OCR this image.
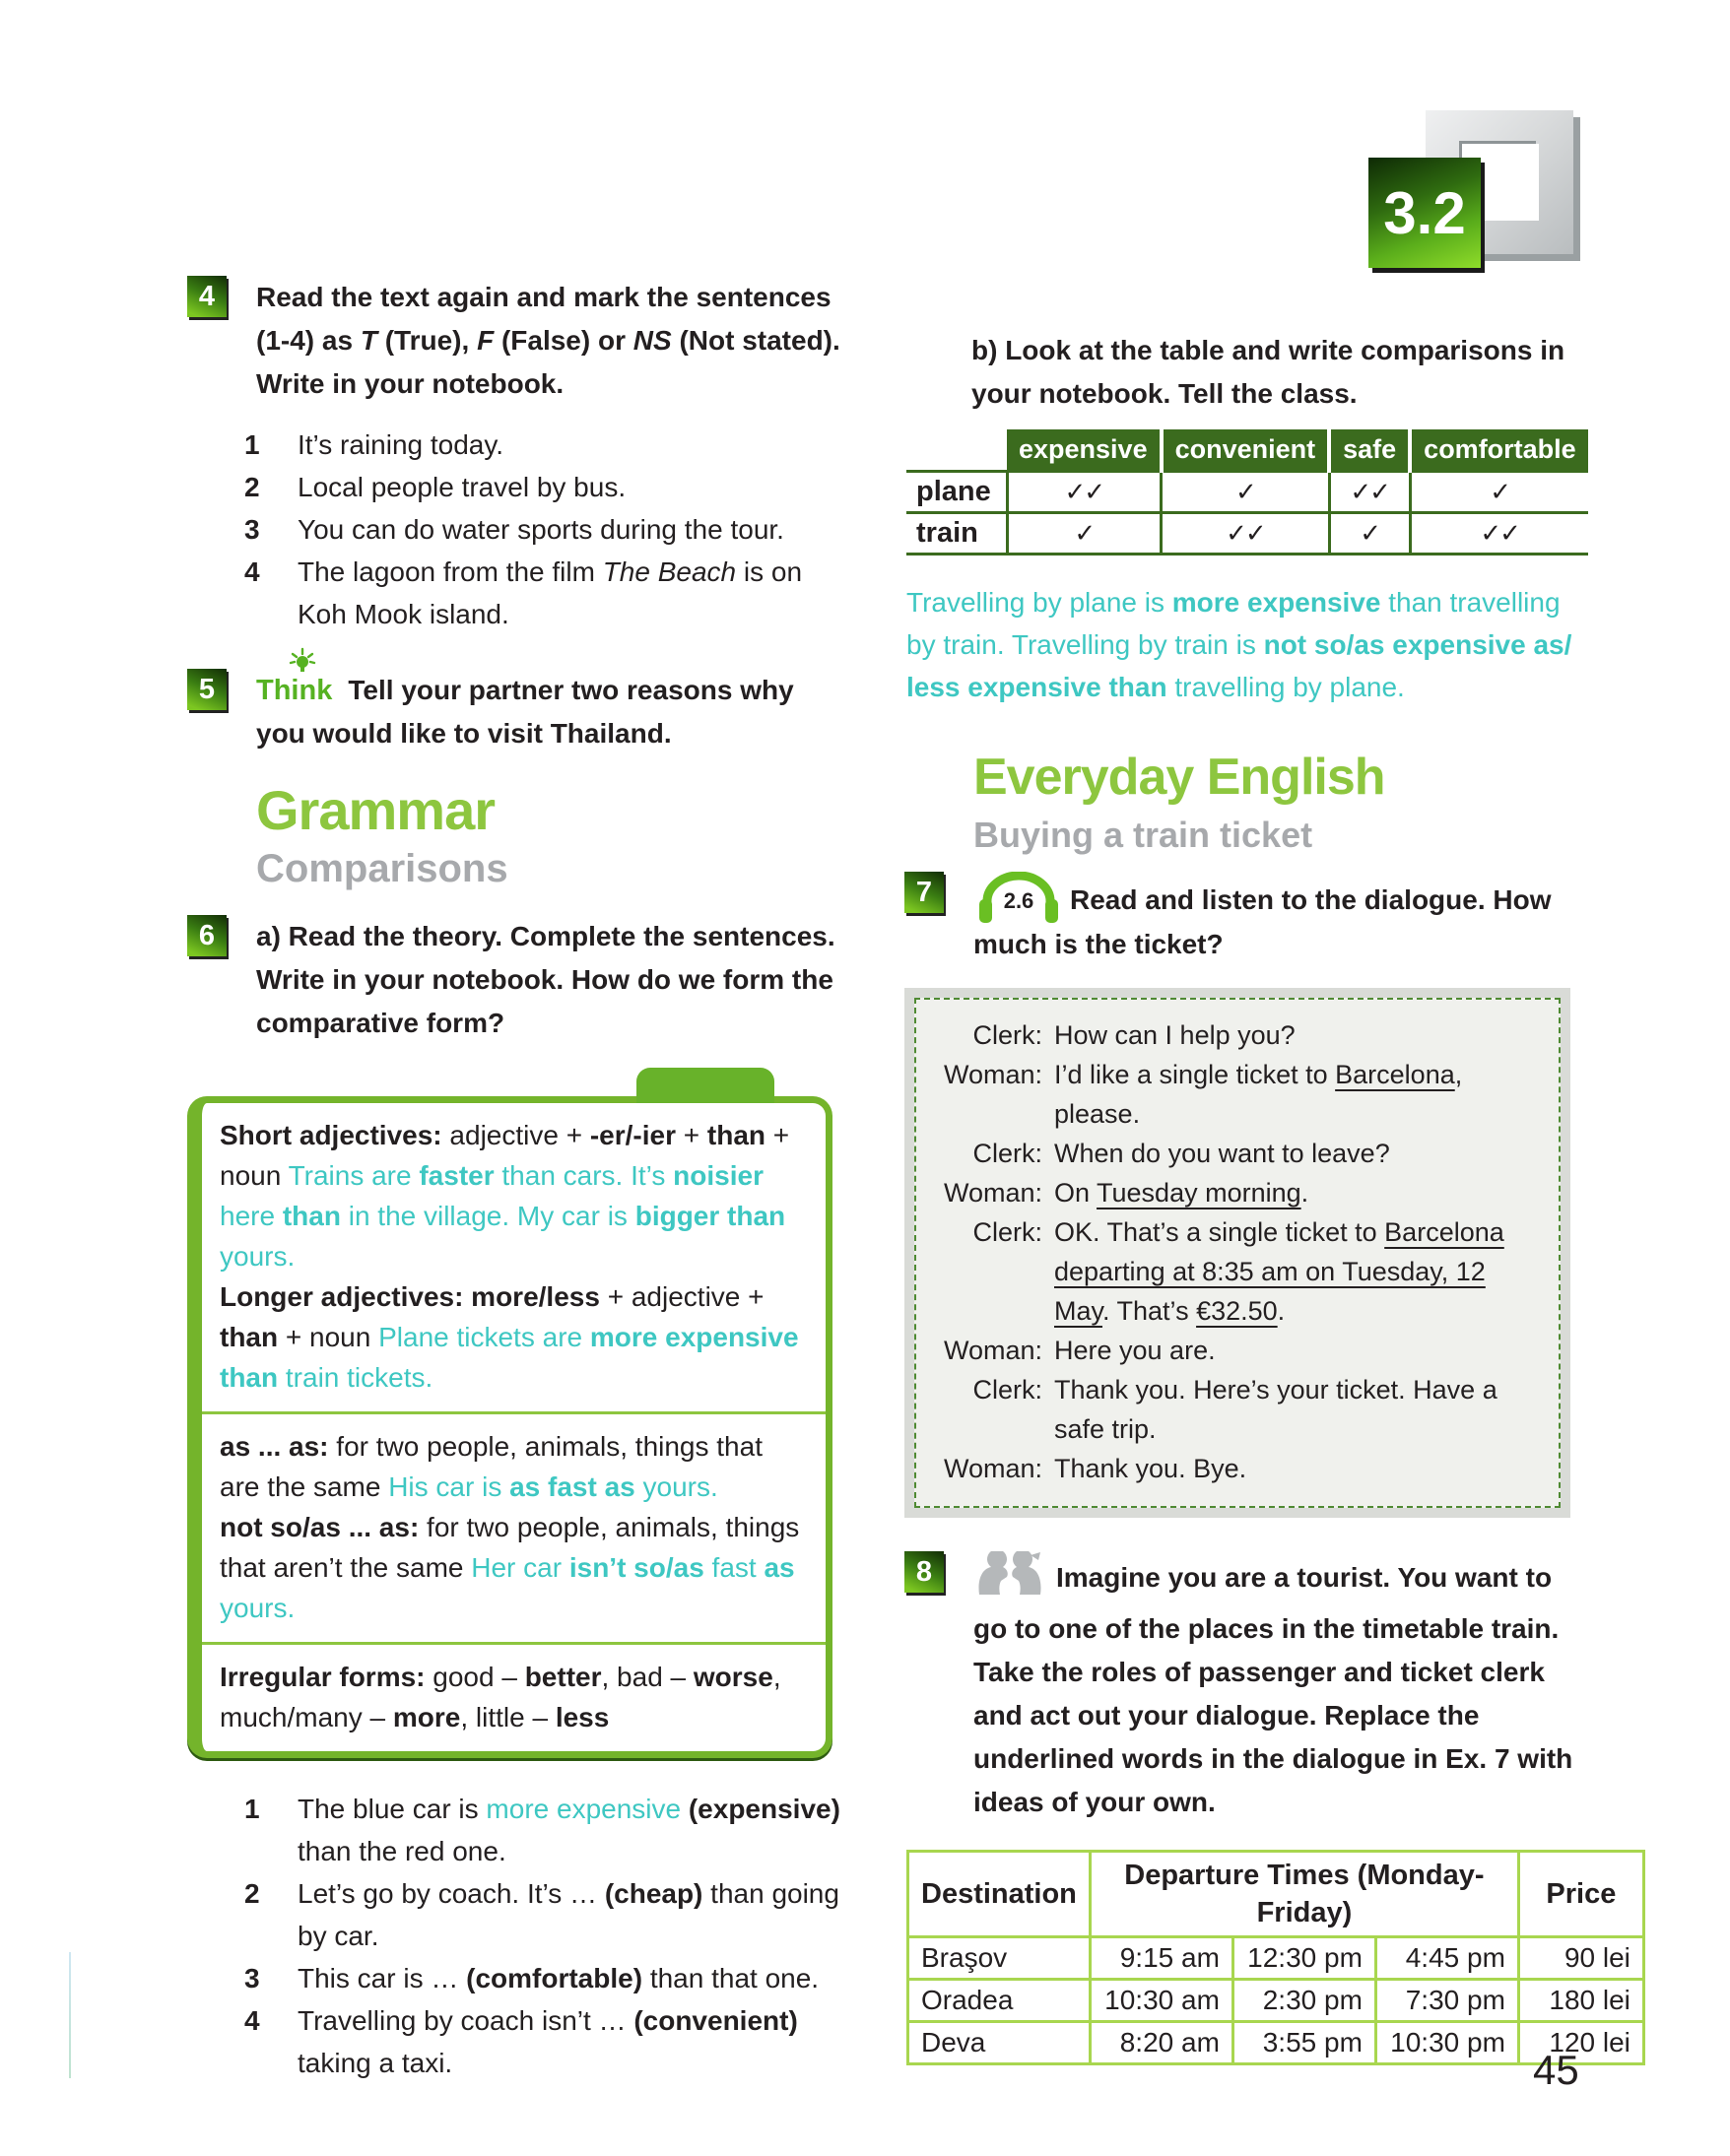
3.2
4	Read the text again and mark the sentences (1-4) as T (True), F (False) or NS (Not stated). Write in your notebook.

1	It’s raining today.

2	Local people travel by bus.

3	You can do water sports during the tour.

4	The lagoon from the film The Beach is on Koh Mook island.

5	Think Tell your partner two reasons why you would like to visit Thailand.

Grammar
Comparisons
6	a) Read the theory. Complete the sentences. Write in your notebook. How do we form the comparative form?

Short adjectives: adjective + -er/-ier + than + noun Trains are faster than cars. It’s noisier here than in the village. My car is bigger than yours.

Longer adjectives: more/less + adjective + than + noun Plane tickets are more expensive than train tickets.

as ... as: for two people, animals, things that are the same His car is as fast as yours.

not so/as ... as: for two people, animals, things that aren’t the same Her car isn’t so/as fast as yours.

Irregular forms: good – better, bad – worse, much/many – more, little – less

1	The blue car is more expensive (expensive) than the red one.

2	Let’s go by coach. It’s … (cheap) than going by car.

3	This car is … (comfortable) than that one.

4	Travelling by coach isn’t … (convenient) taking a taxi.

b) Look at the table and write comparisons in your notebook. Tell the class.

	expensive	convenient	safe	comfortable
plane	✓✓	✓	✓✓	✓
train	✓	✓✓	✓	✓✓

Travelling by plane is more expensive than travelling by train. Travelling by train is not so/as expensive as/ less expensive than travelling by plane.

Everyday English
Buying a train ticket
7	2.6 Read and listen to the dialogue. How much is the ticket?

Clerk: How can I help you?
Woman: I’d like a single ticket to Barcelona, please.
Clerk: When do you want to leave?
Woman: On Tuesday morning.
Clerk: OK. That’s a single ticket to Barcelona departing at 8:35 am on Tuesday, 12 May. That’s €32.50.
Woman: Here you are.
Clerk: Thank you. Here’s your ticket. Have a safe trip.
Woman: Thank you. Bye.
8	Imagine you are a tourist. You want to go to one of the places in the timetable train. Take the roles of passenger and ticket clerk and act out your dialogue. Replace the underlined words in the dialogue in Ex. 7 with ideas of your own.

Destination	Departure Times (Monday-Friday)			Price
Braşov	9:15 am	12:30 pm	4:45 pm	90 lei
Oradea	10:30 am	2:30 pm	7:30 pm	180 lei
Deva	8:20 am	3:55 pm	10:30 pm	120 lei
45
